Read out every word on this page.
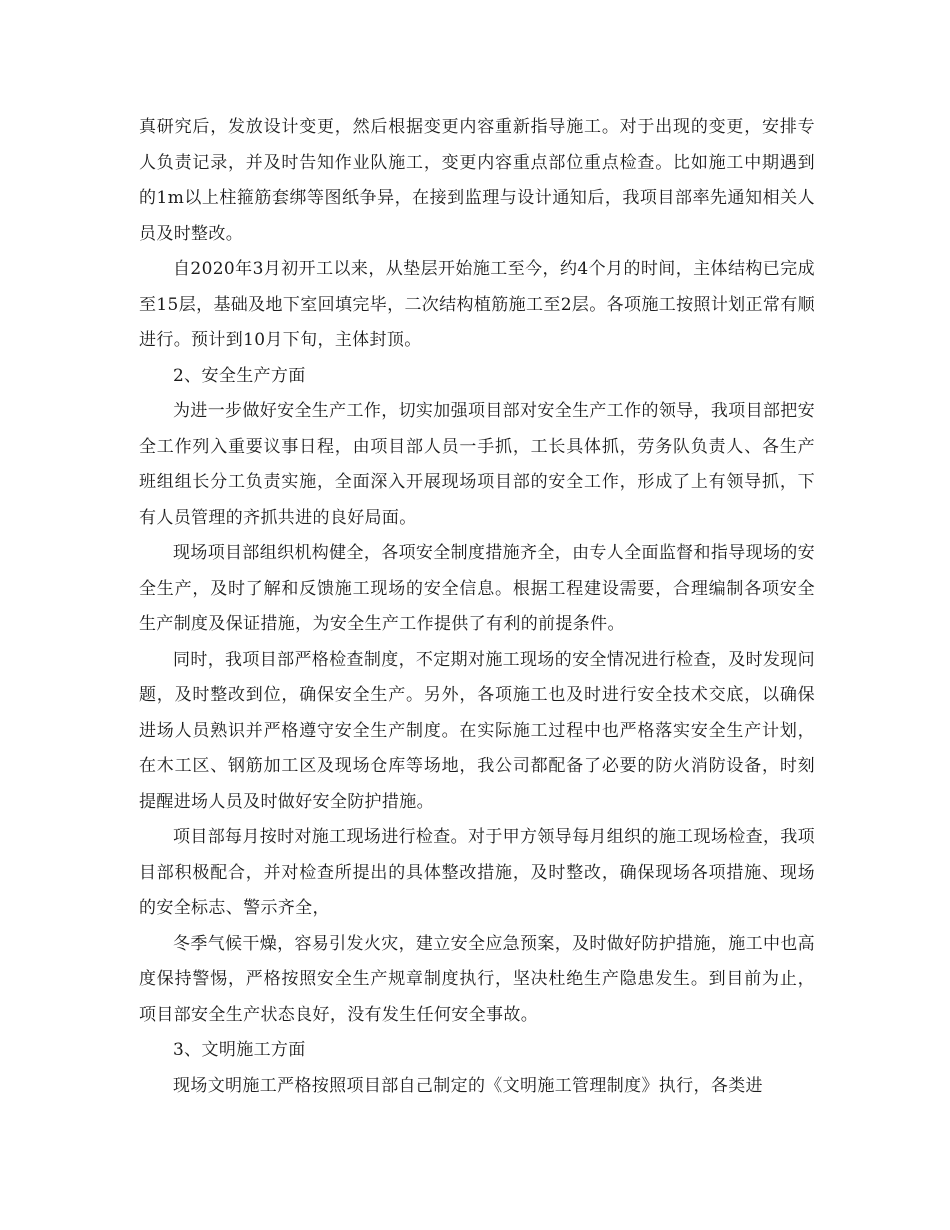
真研究后，发放设计变更，然后根据变更内容重新指导施工。对于出现的变更，安排专人负责记录，并及时告知作业队施工，变更内容重点部位重点检查。比如施工中期遇到的1m以上柱箍筋套绑等图纸争异，在接到监理与设计通知后，我项目部率先通知相关人员及时整改。

自2020年3月初开工以来，从垫层开始施工至今，约4个月的时间，主体结构已完成至15层，基础及地下室回填完毕，二次结构植筋施工至2层。各项施工按照计划正常有顺进行。预计到10月下旬，主体封顶。

2、安全生产方面

为进一步做好安全生产工作，切实加强项目部对安全生产工作的领导，我项目部把安全工作列入重要议事日程，由项目部人员一手抓，工长具体抓，劳务队负责人、各生产班组组长分工负责实施，全面深入开展现场项目部的安全工作，形成了上有领导抓，下有人员管理的齐抓共进的良好局面。

现场项目部组织机构健全，各项安全制度措施齐全，由专人全面监督和指导现场的安全生产，及时了解和反馈施工现场的安全信息。根据工程建设需要，合理编制各项安全生产制度及保证措施，为安全生产工作提供了有利的前提条件。

同时，我项目部严格检查制度，不定期对施工现场的安全情况进行检查，及时发现问题，及时整改到位，确保安全生产。另外，各项施工也及时进行安全技术交底，以确保进场人员熟识并严格遵守安全生产制度。在实际施工过程中也严格落实安全生产计划，在木工区、钢筋加工区及现场仓库等场地，我公司都配备了必要的防火消防设备，时刻提醒进场人员及时做好安全防护措施。

项目部每月按时对施工现场进行检查。对于甲方领导每月组织的施工现场检查，我项目部积极配合，并对检查所提出的具体整改措施，及时整改，确保现场各项措施、现场的安全标志、警示齐全，

冬季气候干燥，容易引发火灾，建立安全应急预案，及时做好防护措施，施工中也高度保持警惕，严格按照安全生产规章制度执行，坚决杜绝生产隐患发生。到目前为止，项目部安全生产状态良好，没有发生任何安全事故。

3、文明施工方面

现场文明施工严格按照项目部自己制定的《文明施工管理制度》执行，各类进
